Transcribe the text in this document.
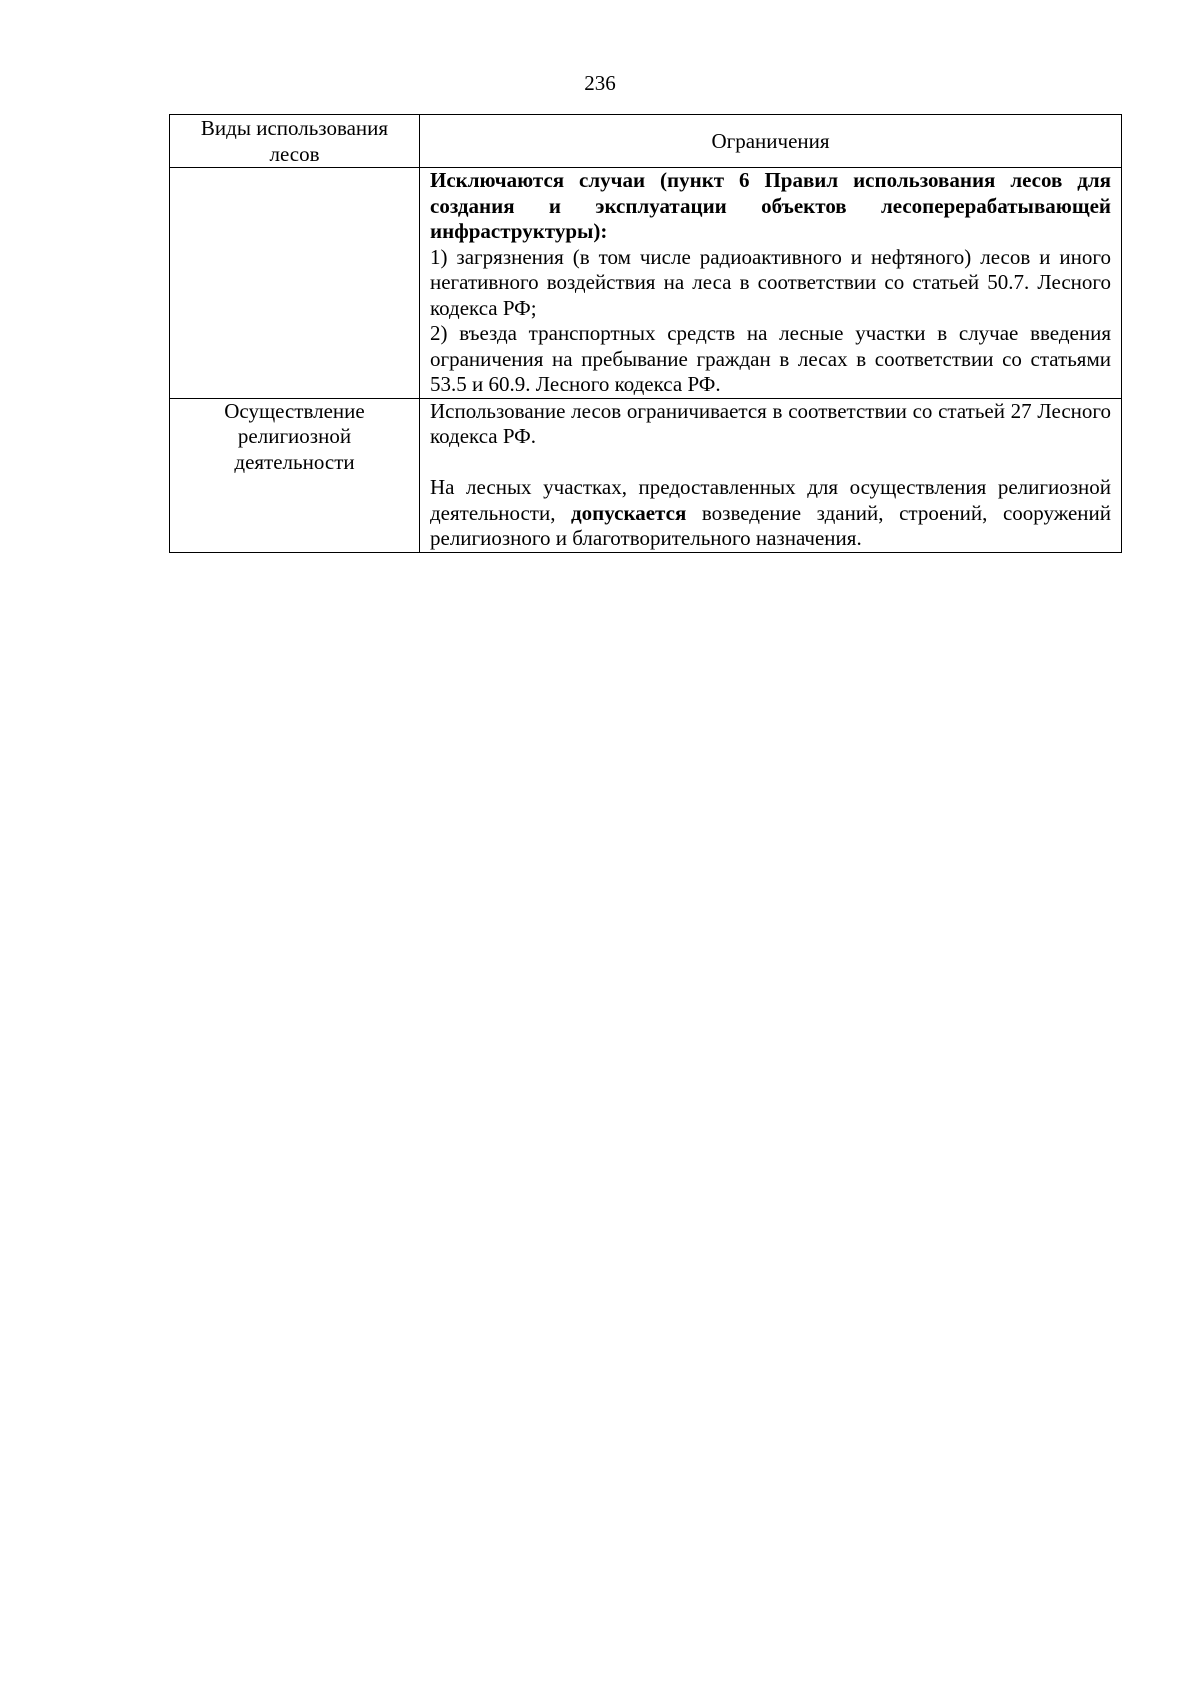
236
Виды использования лесов	Ограничения

	Исключаются случаи (пункт 6 Правил использования лесов для создания и эксплуатации объектов лесоперерабатывающей инфраструктуры):

1) загрязнения (в том числе радиоактивного и нефтяного) лесов и иного негативного воздействия на леса в соответствии со статьей 50.7. Лесного кодекса РФ;

2) въезда транспортных средств на лесные участки в случае введения ограничения на пребывание граждан в лесах в соответствии со статьями 53.5 и 60.9. Лесного кодекса РФ.

Осуществление религиозной деятельности	Использование лесов ограничивается в соответствии со статьей 27 Лесного кодекса РФ.

На лесных участках, предоставленных для осуществления религиозной деятельности, допускается возведение зданий, строений, сооружений религиозного и благотворительного назначения.
